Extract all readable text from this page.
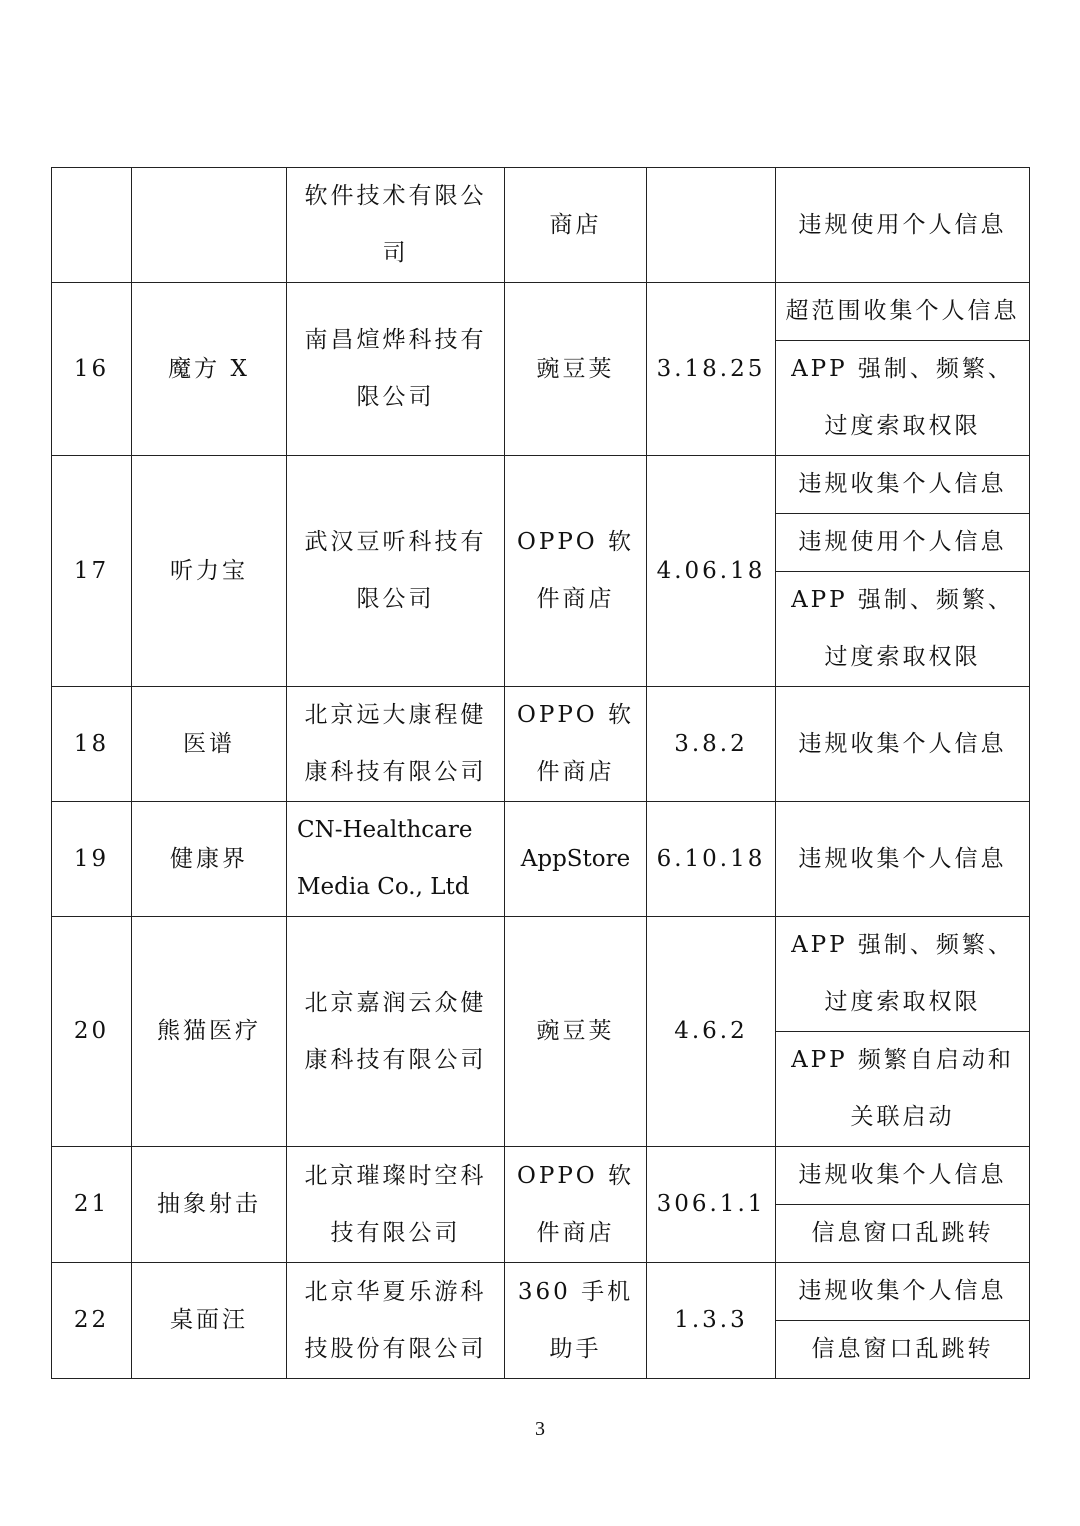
		软件技术有限公司	商店		违规使用个人信息
16	魔方 X	南昌煊烨科技有限公司	豌豆荚	3.18.25	超范围收集个人信息
					APP 强制、频繁、过度索取权限
17	听力宝	武汉豆听科技有限公司	OPPO 软件商店	4.06.18	违规收集个人信息
					违规使用个人信息
					APP 强制、频繁、过度索取权限
18	医谱	北京远大康程健康科技有限公司	OPPO 软件商店	3.8.2	违规收集个人信息
19	健康界	CN-Healthcare Media Co., Ltd	AppStore	6.10.18	违规收集个人信息
20	熊猫医疗	北京嘉润云众健康科技有限公司	豌豆荚	4.6.2	APP 强制、频繁、过度索取权限
					APP 频繁自启动和关联启动
21	抽象射击	北京璀璨时空科技有限公司	OPPO 软件商店	306.1.1	违规收集个人信息
					信息窗口乱跳转
22	桌面汪	北京华夏乐游科技股份有限公司	360 手机助手	1.3.3	违规收集个人信息
					信息窗口乱跳转
3
